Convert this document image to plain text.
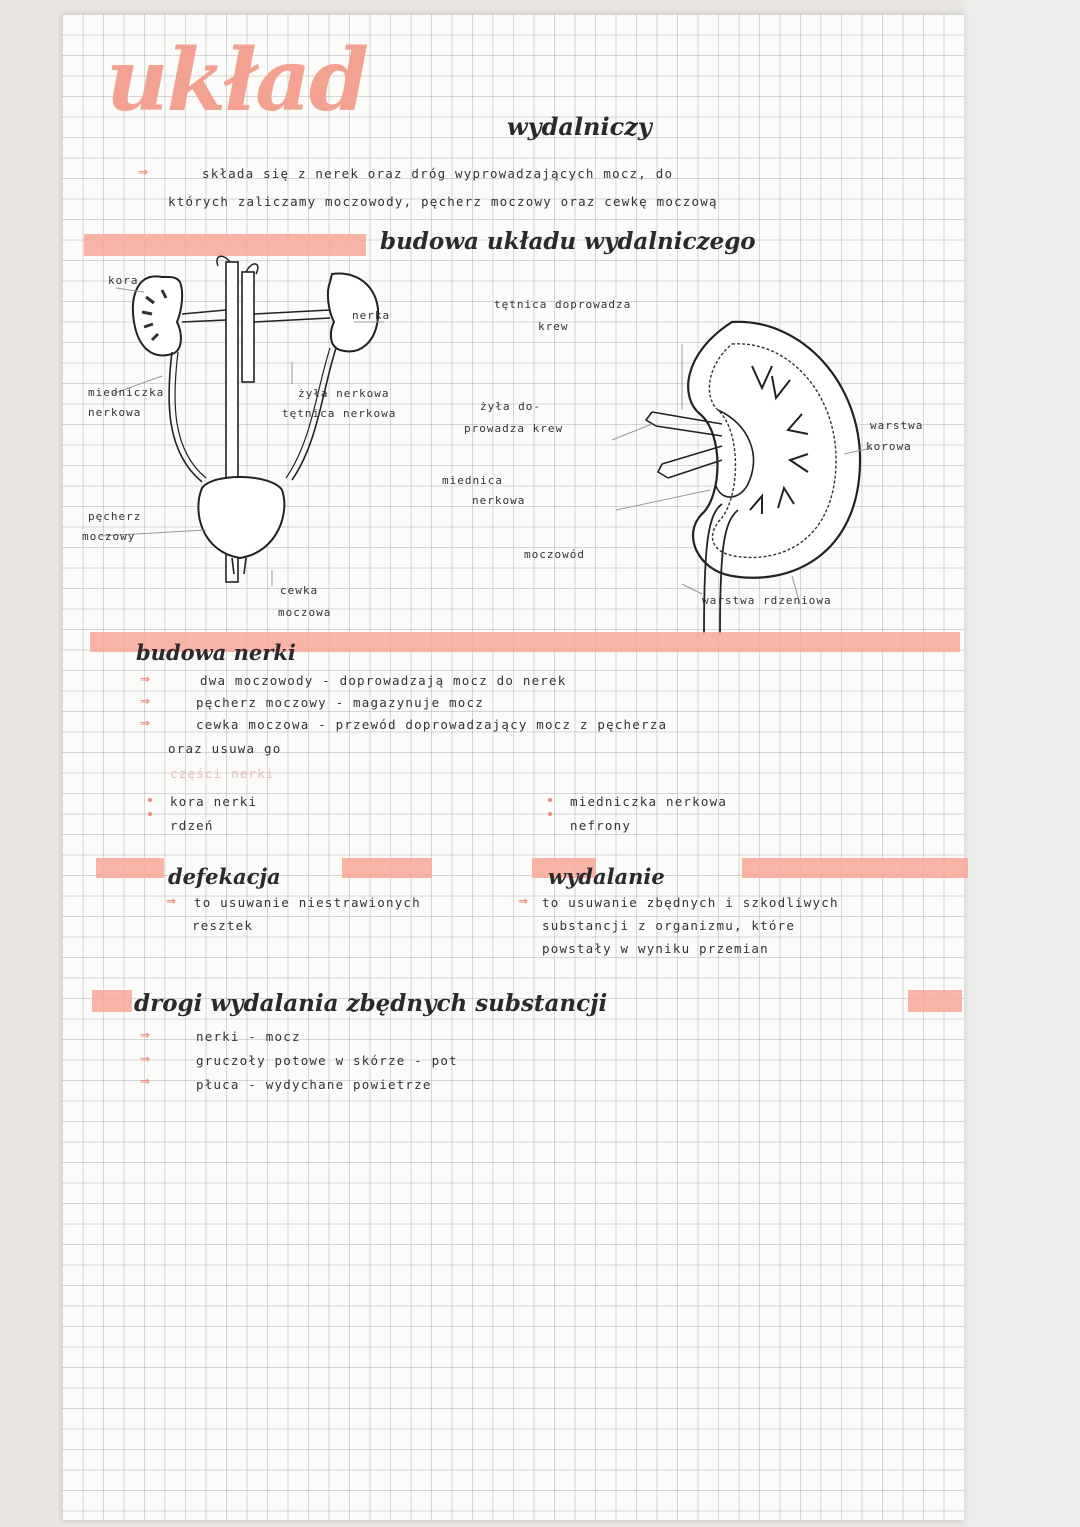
układ	wydalniczy
⇒	składa się z nerek oraz dróg wyprowadzających mocz, do
których zaliczamy moczowody, pęcherz moczowy oraz cewkę moczową
budowa układu wydalniczego
kora
nerka
miedniczka
nerkowa
żyła nerkowa
tętnica nerkowa
pęcherz
moczowy
cewka
moczowa
tętnica doprowadza
krew
żyła do-
prowadza krew
miednica
nerkowa
moczowód
warstwa
korowa
warstwa rdzeniowa
budowa nerki
⇒	dwa moczowody - doprowadzają mocz do nerek
⇒	pęcherz moczowy - magazynuje mocz
⇒	cewka moczowa - przewód doprowadzający mocz z pęcherza
oraz usuwa go
części nerki
kora nerki
rdzeń
miedniczka nerkowa
nefrony
defekacja
⇒ to usuwanie niestrawionych
resztek
wydalanie
⇒ to usuwanie zbędnych i szkodliwych
substancji z organizmu, które
powstały w wyniku przemian
drogi wydalania zbędnych substancji
⇒	nerki - mocz
⇒	gruczoły potowe w skórze - pot
⇒	płuca - wydychane powietrze
